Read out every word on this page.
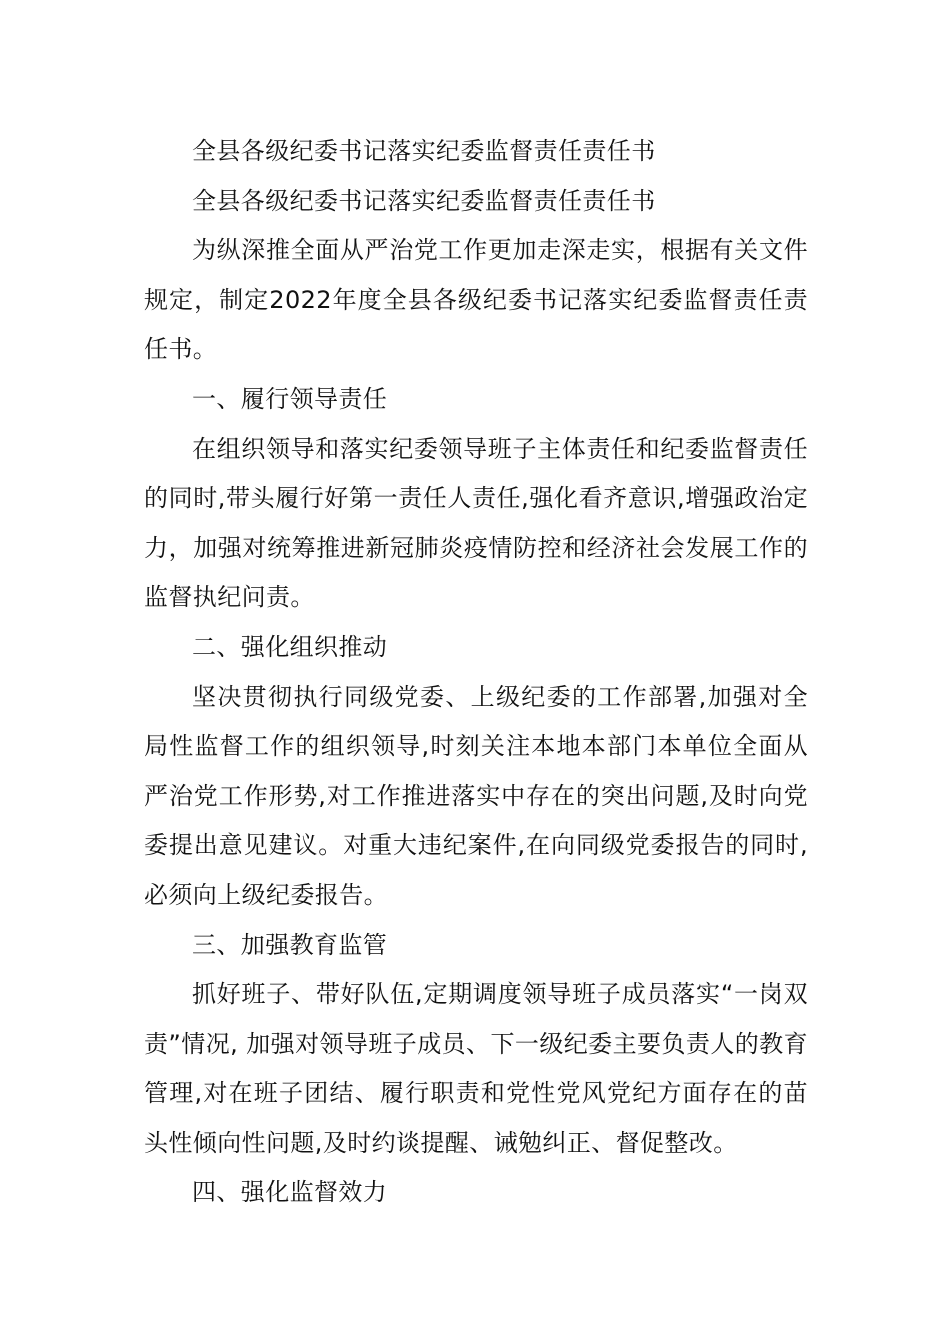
全县各级纪委书记落实纪委监督责任责任书

全县各级纪委书记落实纪委监督责任责任书

为纵深推全面从严治党工作更加走深走实，根据有关文件规定，制定2022年度全县各级纪委书记落实纪委监督责任责任书。

一、履行领导责任

在组织领导和落实纪委领导班子主体责任和纪委监督责任的同时,带头履行好第一责任人责任,强化看齐意识,增强政治定力，加强对统筹推进新冠肺炎疫情防控和经济社会发展工作的监督执纪问责。

二、强化组织推动

坚决贯彻执行同级党委、上级纪委的工作部署,加强对全局性监督工作的组织领导,时刻关注本地本部门本单位全面从严治党工作形势,对工作推进落实中存在的突出问题,及时向党委提出意见建议。对重大违纪案件,在向同级党委报告的同时,必须向上级纪委报告。

三、加强教育监管

抓好班子、带好队伍,定期调度领导班子成员落实“一岗双责”情况, 加强对领导班子成员、下一级纪委主要负责人的教育管理,对在班子团结、履行职责和党性党风党纪方面存在的苗头性倾向性问题,及时约谈提醒、诫勉纠正、督促整改。

四、强化监督效力
